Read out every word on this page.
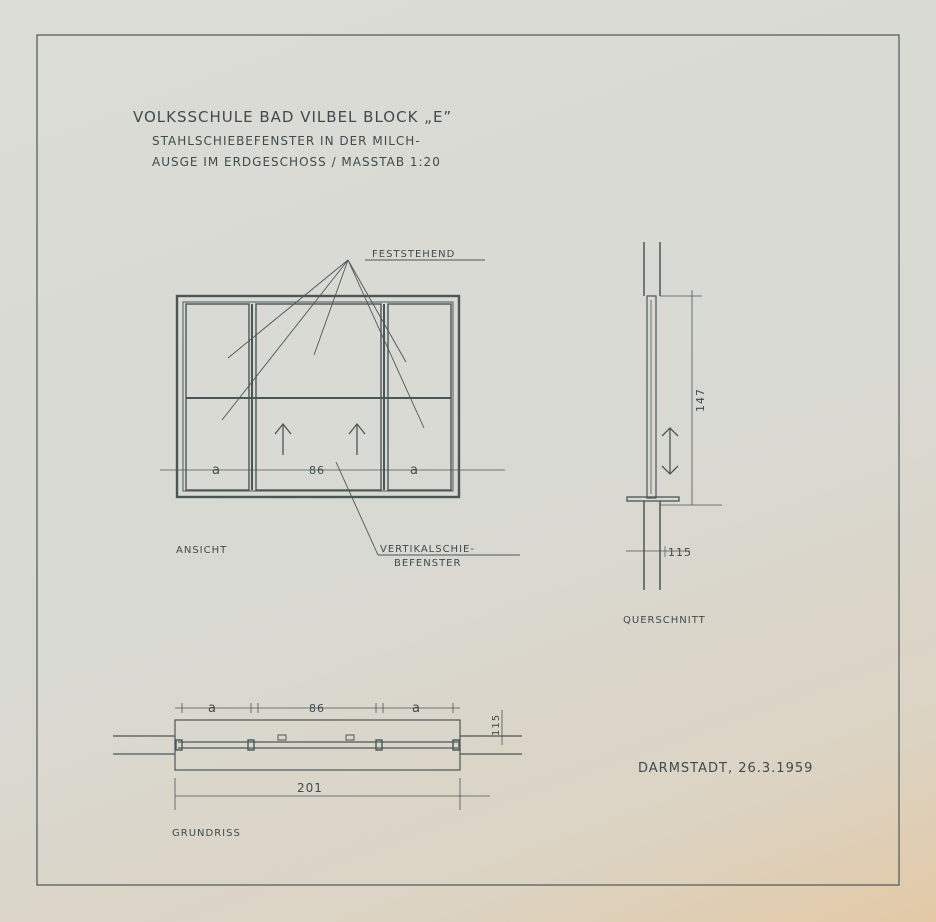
VOLKSSCHULE BAD VILBEL BLOCK „E”
STAHLSCHIEBEFENSTER IN DER MILCH-
AUSGE IM ERDGESCHOSS / MASSTAB 1:20
FESTSTEHEND
a	86	a
VERTIKALSCHIE-
BEFENSTER
ANSICHT
147
115
QUERSCHNITT
a	86	a
201
115
GRUNDRISS
DARMSTADT, 26.3.1959
